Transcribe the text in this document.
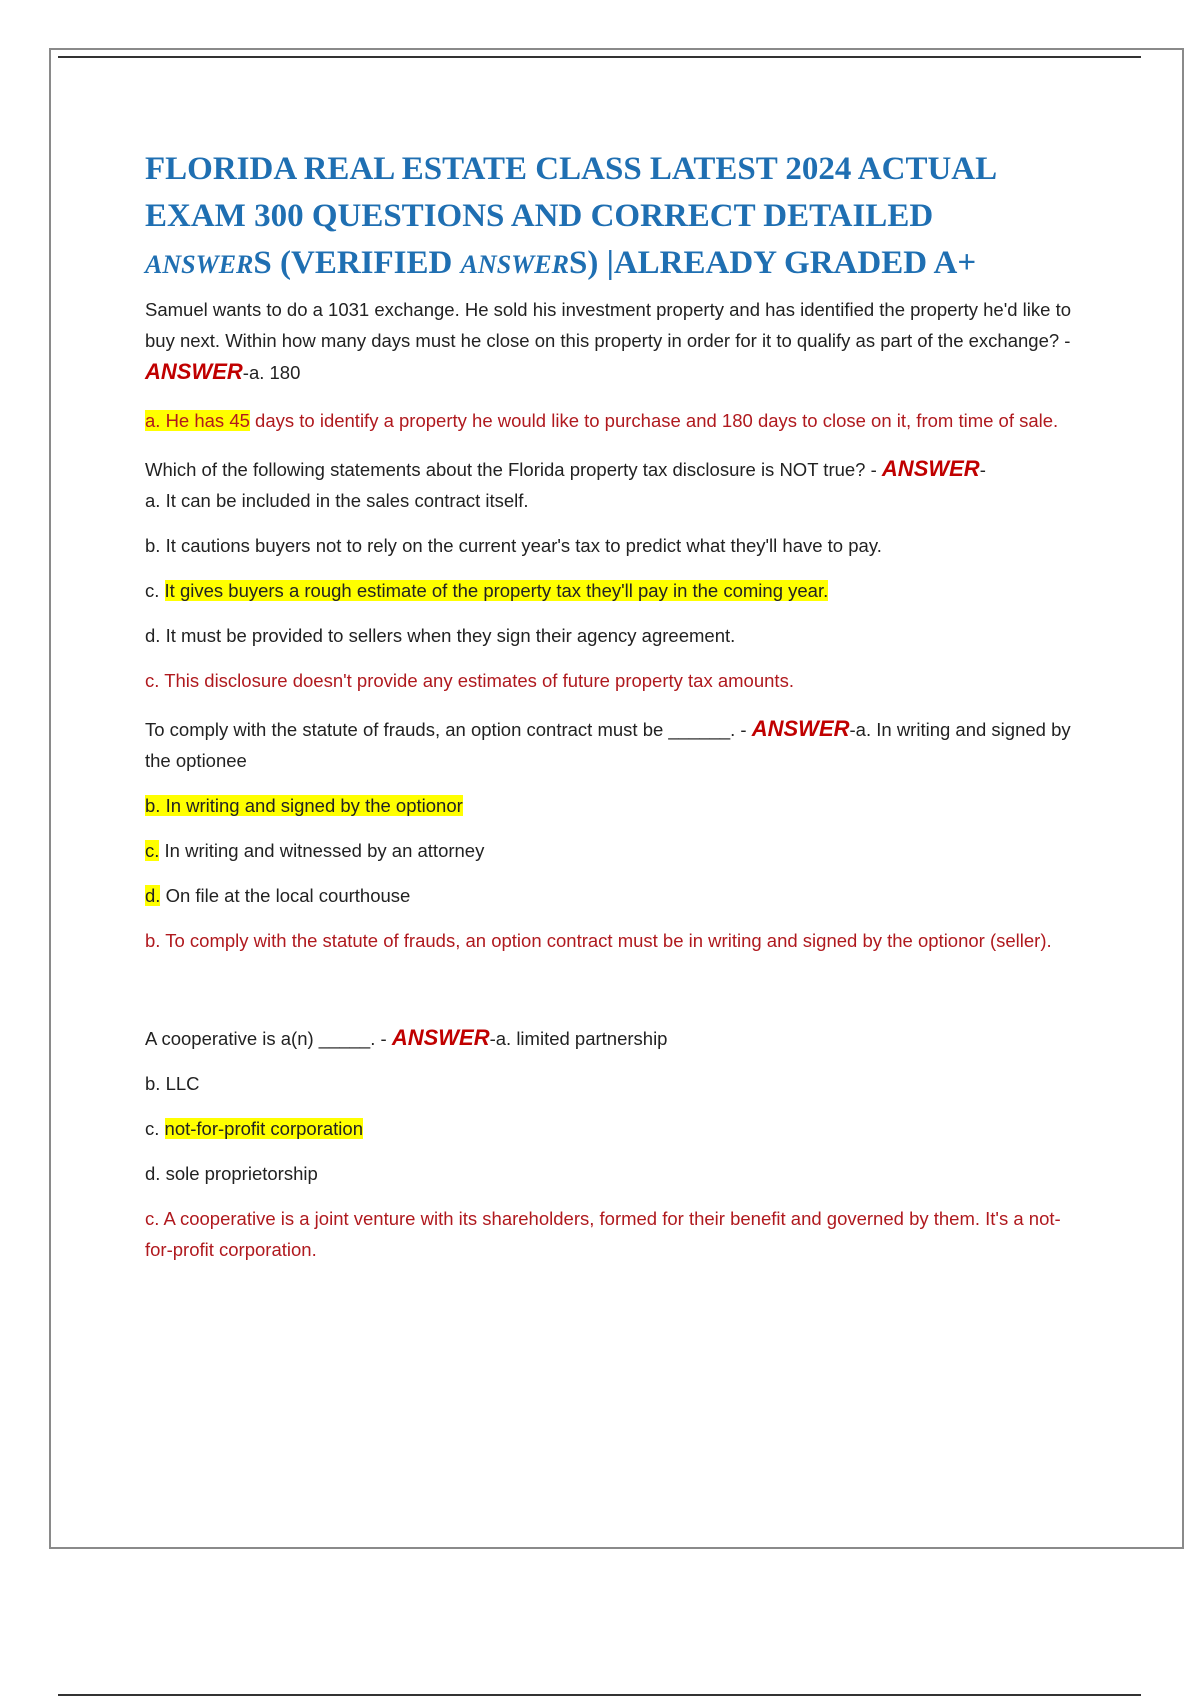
FLORIDA REAL ESTATE CLASS LATEST 2024 ACTUAL
EXAM 300 QUESTIONS AND CORRECT DETAILED
ANSWERS (VERIFIED ANSWERS) |ALREADY GRADED A+

Samuel wants to do a 1031 exchange. He sold his investment property and has identified the property he'd like to buy next. Within how many days must he close on this property in order for it to qualify as part of the exchange? - ANSWER-a. 180

a. He has 45 days to identify a property he would like to purchase and 180 days to close on it, from time of sale.

Which of the following statements about the Florida property tax disclosure is NOT true? - ANSWER-

a. It can be included in the sales contract itself.

b. It cautions buyers not to rely on the current year's tax to predict what they'll have to pay.

c. It gives buyers a rough estimate of the property tax they'll pay in the coming year.

d. It must be provided to sellers when they sign their agency agreement.

c. This disclosure doesn't provide any estimates of future property tax amounts.

To comply with the statute of frauds, an option contract must be ______. - ANSWER-a. In writing and signed by the optionee

b. In writing and signed by the optionor

c. In writing and witnessed by an attorney

d. On file at the local courthouse

b. To comply with the statute of frauds, an option contract must be in writing and signed by the optionor (seller).

A cooperative is a(n) _____. - ANSWER-a. limited partnership

b. LLC

c. not-for-profit corporation

d. sole proprietorship

c. A cooperative is a joint venture with its shareholders, formed for their benefit and governed by them. It's a not-for-profit corporation.
